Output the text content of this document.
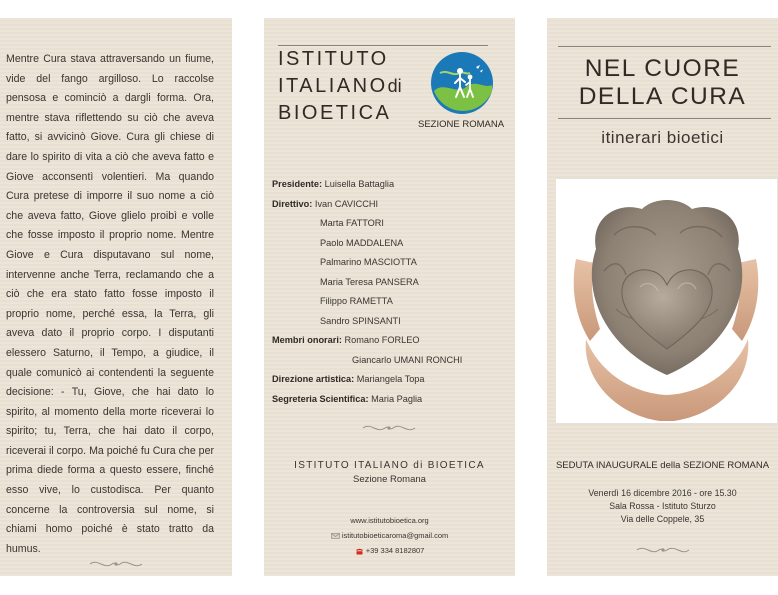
Mentre Cura stava attraversando un fiume, vide del fango argilloso. Lo raccolse pensosa e cominciò a dargli forma. Ora, mentre stava riflettendo su ciò che aveva fatto, si avvicinò Giove. Cura gli chiese di dare lo spirito di vita a ciò che aveva fatto e Giove acconsentì volentieri. Ma quando Cura pretese di imporre il suo nome a ciò che aveva fatto, Giove glielo proibì e volle che fosse imposto il proprio nome. Mentre Giove e Cura disputavano sul nome, intervenne anche Terra, reclamando che a ciò che era stato fatto fosse imposto il proprio nome, perché essa, la Terra, gli aveva dato il proprio corpo. I disputanti elessero Saturno, il Tempo, a giudice, il quale comunicò ai contendenti la seguente decisione: - Tu, Giove, che hai dato lo spirito, al momento della morte riceverai lo spirito; tu, Terra, che hai dato il corpo, riceverai il corpo. Ma poiché fu Cura che per prima diede forma a questo essere, finché esso vive, lo custodisca. Per quanto concerne la controversia sul nome, si chiami homo poiché è stato tratto da humus.

ISTITUTO
ITALIANOdi
BIOETICA
SEZIONE ROMANA
Presidente: Luisella Battaglia
Direttivo: Ivan CAVICCHI
Marta FATTORI
Paolo MADDALENA
Palmarino MASCIOTTA
Maria Teresa PANSERA
Filippo RAMETTA
Sandro SPINSANTI
Membri onorari: Romano FORLEO
Giancarlo UMANI RONCHI
Direzione artistica: Mariangela Topa
Segreteria Scientifica: Maria Paglia
ISTITUTO ITALIANO di BIOETICA
Sezione Romana
www.istitutobioetica.org
istitutobioeticaroma@gmail.com
+39 334 8182807
NEL CUORE
DELLA CURA
itinerari bioetici
SEDUTA INAUGURALE della SEZIONE ROMANA
Venerdì 16 dicembre 2016 - ore 15.30
Sala Rossa - Istituto Sturzo
Via delle Coppele, 35
